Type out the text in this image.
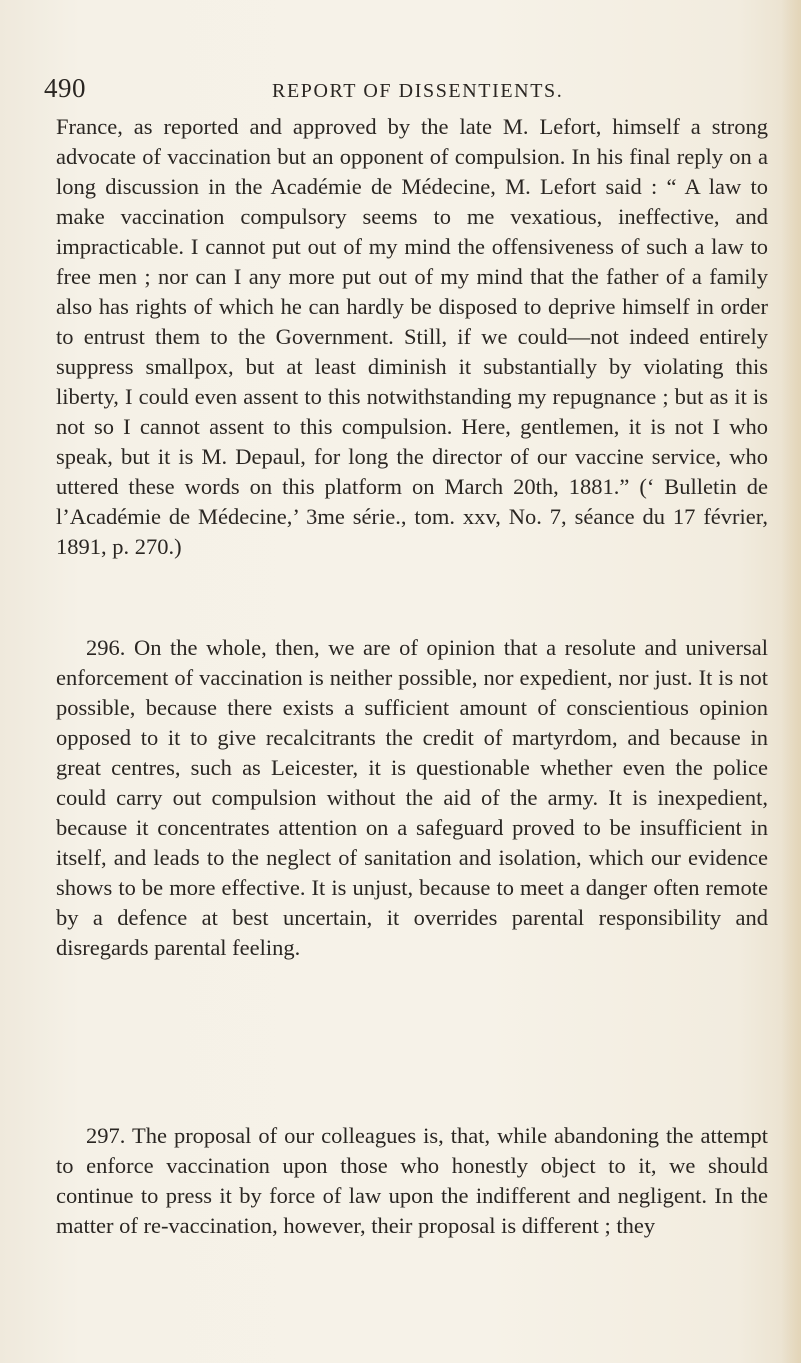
490	REPORT OF DISSENTIENTS.
France, as reported and approved by the late M. Lefort, himself a strong advocate of vaccination but an opponent of compulsion. In his final reply on a long discussion in the Académie de Médecine, M. Lefort said : “ A law to make vaccination compulsory seems to me vexatious, ineffective, and impracticable. I cannot put out of my mind the offensiveness of such a law to free men ; nor can I any more put out of my mind that the father of a family also has rights of which he can hardly be disposed to deprive himself in order to entrust them to the Government. Still, if we could—not indeed entirely suppress smallpox, but at least diminish it substantially by violating this liberty, I could even assent to this notwithstanding my repugnance ; but as it is not so I cannot assent to this compulsion. Here, gentlemen, it is not I who speak, but it is M. Depaul, for long the director of our vaccine service, who uttered these words on this platform on March 20th, 1881.” (‘ Bulletin de l’Académie de Médecine,’ 3me série., tom. xxv, No. 7, séance du 17 février, 1891, p. 270.)
296. On the whole, then, we are of opinion that a resolute and universal enforcement of vaccination is neither possible, nor expedient, nor just. It is not possible, because there exists a sufficient amount of conscientious opinion opposed to it to give recalcitrants the credit of martyrdom, and because in great centres, such as Leicester, it is questionable whether even the police could carry out compulsion without the aid of the army. It is inexpedient, because it concentrates attention on a safeguard proved to be insufficient in itself, and leads to the neglect of sanitation and isolation, which our evidence shows to be more effective. It is unjust, because to meet a danger often remote by a defence at best uncertain, it overrides parental responsibility and disregards parental feeling.
297. The proposal of our colleagues is, that, while abandoning the attempt to enforce vaccination upon those who honestly object to it, we should continue to press it by force of law upon the indifferent and negligent. In the matter of re-vaccination, however, their proposal is different ; they
